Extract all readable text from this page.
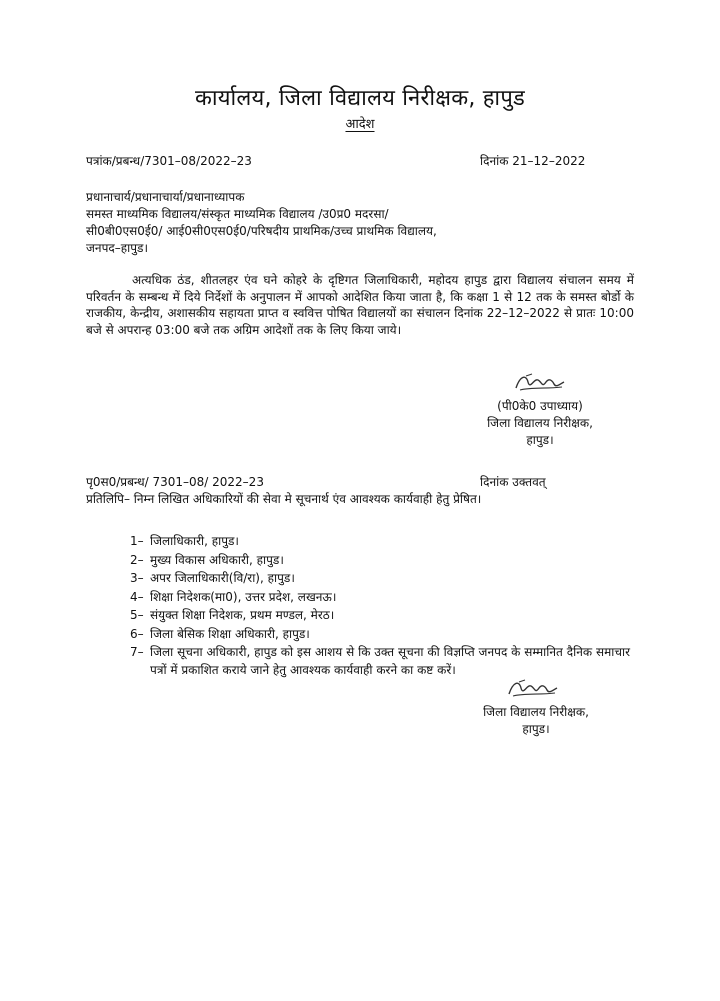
कार्यालय, जिला विद्यालय निरीक्षक, हापुड
आदेश
पत्रांक/प्रबन्ध/7301–08/2022–23	दिनांक 21–12–2022
प्रधानाचार्य/प्रधानाचार्या/प्रधानाध्यापक
समस्त माध्यमिक विद्यालय/संस्कृत माध्यमिक विद्यालय /उ0प्र0 मदरसा/
सी0बी0एस0ई0/ आई0सी0एस0ई0/परिषदीय प्राथमिक/उच्च प्राथमिक विद्यालय,
जनपद–हापुड।
अत्यधिक ठंड, शीतलहर एंव घने कोहरे के दृष्टिगत जिलाधिकारी, महोदय हापुड द्वारा विद्यालय संचालन समय में परिवर्तन के सम्बन्ध में दिये निर्देशों के अनुपालन में आपको आदेशित किया जाता है, कि कक्षा 1 से 12 तक के समस्त बोर्डो के राजकीय, केन्द्रीय, अशासकीय सहायता प्राप्त व स्ववित्त पोषित विद्यालयों का संचालन दिनांक 22–12–2022 से प्रातः 10:00 बजे से अपरान्ह 03:00 बजे तक अग्रिम आदेशों तक के लिए किया जाये।
(पी0के0 उपाध्याय)
जिला विद्यालय निरीक्षक,
हापुड।
पृ0स0/प्रबन्ध/ 7301–08/ 2022–23	दिनांक उक्तवत्
प्रतिलिपि– निम्न लिखित अधिकारियों की सेवा मे सूचनार्थ एंव आवश्यक कार्यवाही हेतु प्रेषित।
1– जिलाधिकारी, हापुड।
2– मुख्य विकास अधिकारी, हापुड।
3– अपर जिलाधिकारी(वि/रा), हापुड।
4– शिक्षा निदेशक(मा0), उत्तर प्रदेश, लखनऊ।
5– संयुक्त शिक्षा निदेशक, प्रथम मण्डल, मेरठ।
6– जिला बेसिक शिक्षा अधिकारी, हापुड।
7– जिला सूचना अधिकारी, हापुड को इस आशय से कि उक्त सूचना की विज्ञप्ति जनपद के सम्मानित दैनिक समाचार पत्रों में प्रकाशित कराये जाने हेतु आवश्यक कार्यवाही करने का कष्ट करें।
जिला विद्यालय निरीक्षक,
हापुड।
